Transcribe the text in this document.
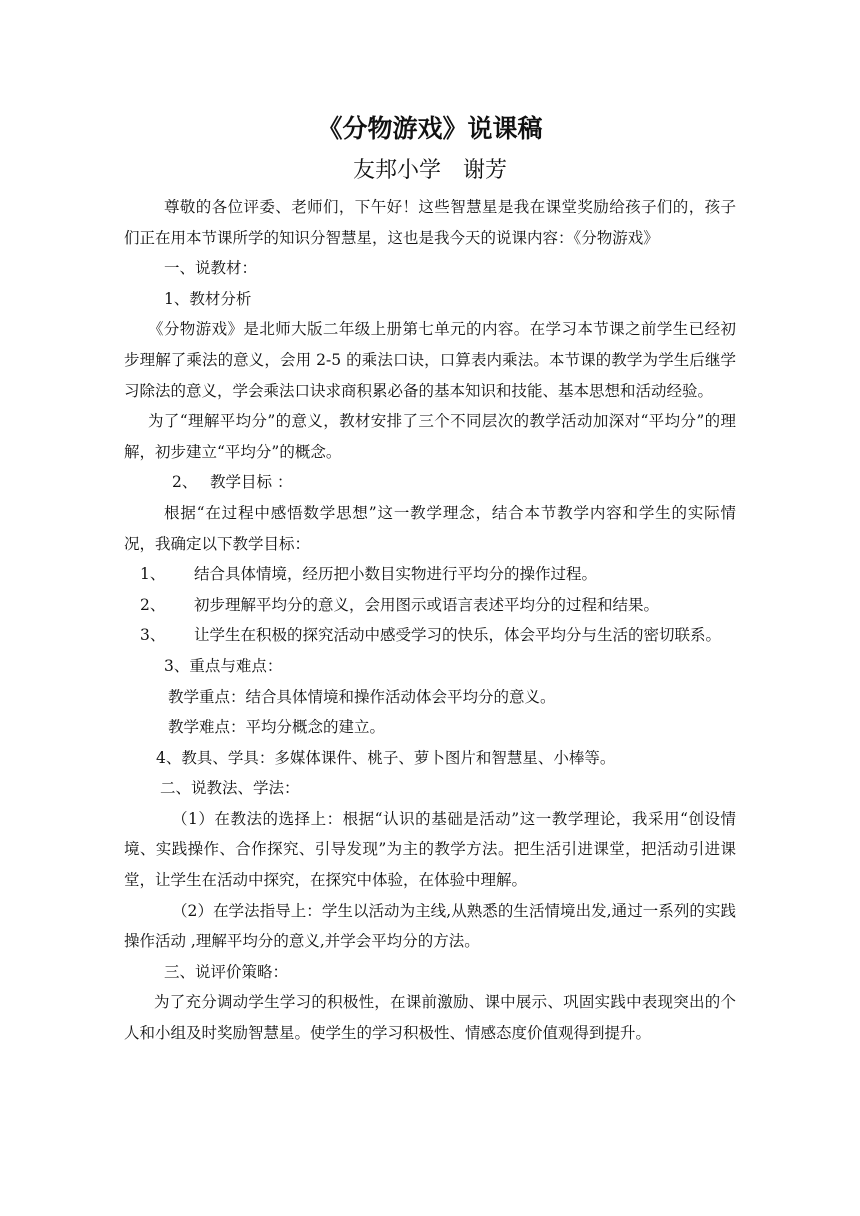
《分物游戏》说课稿
友邦小学　谢芳

尊敬的各位评委、老师们，下午好！这些智慧星是我在课堂奖励给孩子们的，孩子们正在用本节课所学的知识分智慧星，这也是我今天的说课内容：《分物游戏》

一、说教材：

1、教材分析

《分物游戏》是北师大版二年级上册第七单元的内容。在学习本节课之前学生已经初步理解了乘法的意义，会用 2-5 的乘法口诀，口算表内乘法。本节课的教学为学生后继学习除法的意义，学会乘法口诀求商积累必备的基本知识和技能、基本思想和活动经验。

为了“理解平均分”的意义，教材安排了三个不同层次的教学活动加深对“平均分”的理解，初步建立“平均分”的概念。

2、　 教学目标 ：

根据“在过程中感悟数学思想”这一教学理念，结合本节教学内容和学生的实际情况，我确定以下教学目标：

1、	结合具体情境，经历把小数目实物进行平均分的操作过程。
2、	初步理解平均分的意义，会用图示或语言表述平均分的过程和结果。
3、	让学生在积极的探究活动中感受学习的快乐，体会平均分与生活的密切联系。

3、重点与难点：

教学重点：结合具体情境和操作活动体会平均分的意义。

教学难点：平均分概念的建立。

4、教具、学具：多媒体课件、桃子、萝卜图片和智慧星、小棒等。

二、说教法、学法：

（1）在教法的选择上：根据“认识的基础是活动”这一教学理论，我采用“创设情境、实践操作、合作探究、引导发现”为主的教学方法。把生活引进课堂，把活动引进课堂，让学生在活动中探究，在探究中体验，在体验中理解。

（2）在学法指导上：学生以活动为主线,从熟悉的生活情境出发,通过一系列的实践操作活动 ,理解平均分的意义,并学会平均分的方法。

三、说评价策略：

为了充分调动学生学习的积极性，在课前激励、课中展示、巩固实践中表现突出的个人和小组及时奖励智慧星。使学生的学习积极性、情感态度价值观得到提升。
